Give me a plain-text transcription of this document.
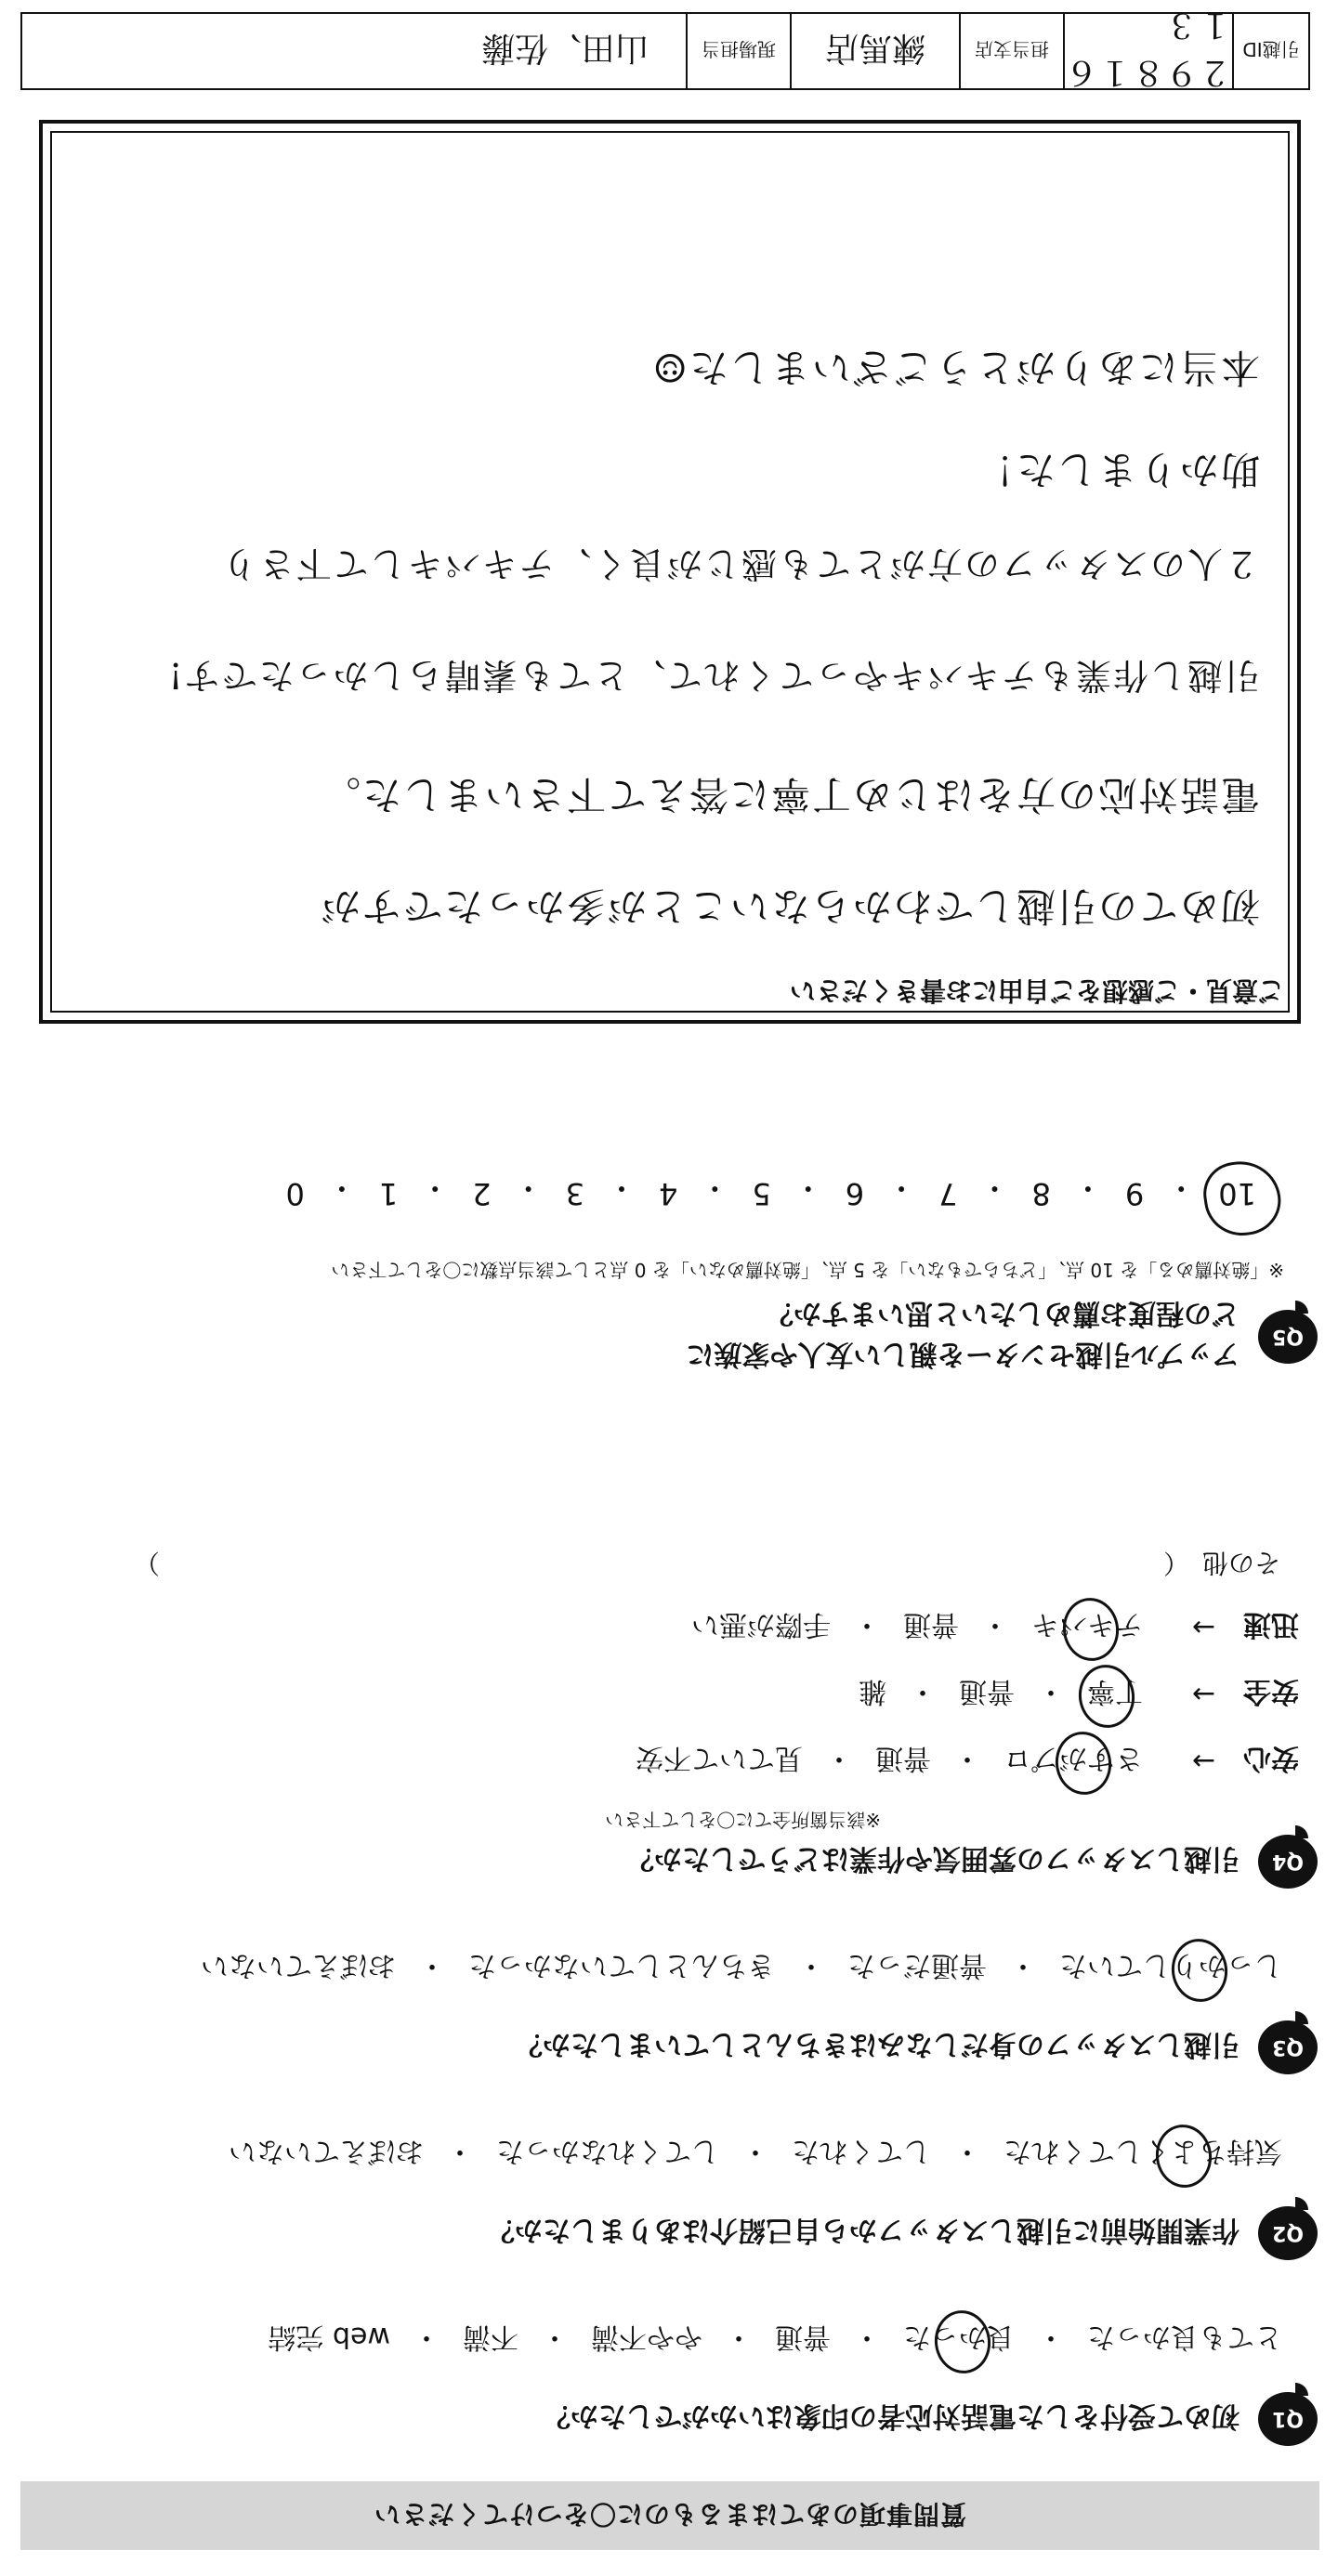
質問事項のあてはまるものに〇をつけてください
Q1
初めて受付をした電話対応者の印象はいかがでしたか？
とても良かった
・
良かった
・
普通
・
やや不満
・
不満
・
web 完結
Q2
作業開始前に引越しスタッフから自己紹介はありましたか？
気持ちよくしてくれた
・
してくれた
・
してくれなかった
・
おぼえていない
Q3
引越しスタッフの身だしなみはきちんとしていましたか？
しっかりしていた
・
普通だった
・
きちんとしていなかった
・
おぼえていない
Q4
引越しスタッフの雰囲気や作業はどうでしたか？
※該当箇所全てに〇をして下さい
安心
→
さすがプロ
・
普通
・
見ていて不安
安全
→
丁寧
・
普通
・
雑
迅速
→
テキパキ
・
普通
・
手際が悪い
その他
（
）
Q5
アップル引越センターを親しい友人や家族に
どの程度お薦めしたいと思いますか？
※「絶対薦める」を 10 点、「どちらでもない」を 5 点、「絶対薦めない」を 0 点として該当点数に〇をして下さい
10
・
9
・
8
・
7
・
6
・
5
・
4
・
3
・
2
・
1
・
0
ご意見・ご感想をご自由にお書きください
初めての引越しでわからないことが多かったですが
電話対応の方をはじめ丁寧に答えて下さいました。
引越し作業もテキパキやってくれて、とても素晴らしかったです!
２人のスタッフの方がとても感じが良く、テキパキして下さり
助かりました！
本当にありがとうございました☺
引越ID
２９８１６１３
担当支店
練馬店
現場担当
山田、佐藤
